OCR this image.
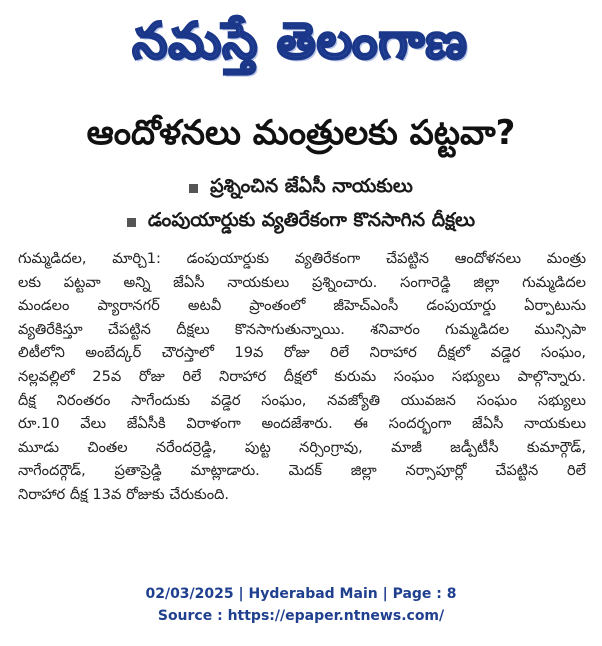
నమస్తే తెలంగాణ
ఆందోళనలు మంత్రులకు పట్టవా?
ప్రశ్నించిన జేఏసీ నాయకులు
డంపుయార్డుకు వ్యతిరేకంగా కొనసాగిన దీక్షలు
గుమ్మడిదల, మార్చి1: డంపుయార్డుకు వ్యతిరేకంగా చేపట్టిన ఆందోళనలు మంత్రు
లకు పట్టవా అన్ని జేఏసీ నాయకులు ప్రశ్నించారు. సంగారెడ్డి జిల్లా గుమ్మడిదల
మండలం ప్యారానగర్ అటవీ ప్రాంతంలో జీహెచ్ఎంసీ డంపుయార్డు ఏర్పాటును
వ్యతిరేకిస్తూ చేపట్టిన దీక్షలు కొనసాగుతున్నాయి. శనివారం గుమ్మడిదల మున్సిపా
లిటీలోని అంబేద్కర్ చౌరస్తాలో 19వ రోజు రిలే నిరాహార దీక్షలో వడ్డెర సంఘం,
నల్లవల్లిలో 25వ రోజు రిలే నిరాహార దీక్షలో కురుమ సంఘం సభ్యులు పాల్గొన్నారు.
దీక్ష నిరంతరం సాగేందుకు వడ్డెర సంఘం, నవజ్యోతి యువజన సంఘం సభ్యులు
రూ.10 వేలు జేఏసీకి విరాళంగా అందజేశారు. ఈ సందర్భంగా జేఏసీ నాయకులు
మూడు చింతల నరేందర్రెడ్డి, పుట్ట నర్సింగ్రావు, మాజీ జడ్పీటీసీ కుమార్గౌడ్,
నాగేందర్గౌడ్, ప్రతాప్రెడ్డి మాట్లాడారు. మెదక్ జిల్లా నర్సాపూర్లో చేపట్టిన రిలే
నిరాహార దీక్ష 13వ రోజుకు చేరుకుంది.
02/03/2025 | Hyderabad Main | Page : 8
Source : https://epaper.ntnews.com/
